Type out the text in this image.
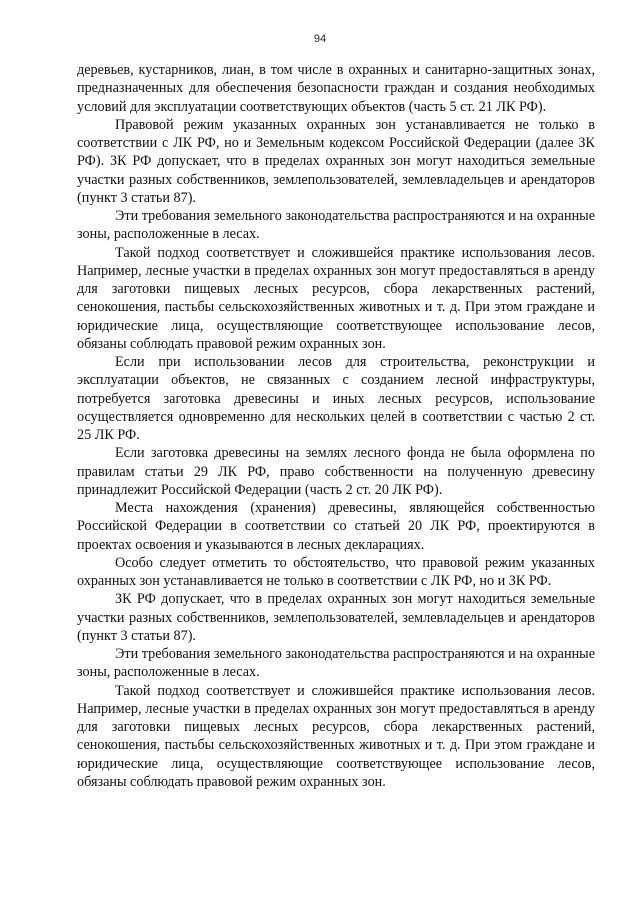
94

деревьев, кустарников, лиан, в том числе в охранных и санитарно-защитных зонах, предназначенных для обеспечения безопасности граждан и создания необходимых условий для эксплуатации соответствующих объектов (часть 5 ст. 21 ЛК РФ).

Правовой режим указанных охранных зон устанавливается не только в соответствии с ЛК РФ, но и Земельным кодексом Российской Федерации (далее ЗК РФ). ЗК РФ допускает, что в пределах охранных зон могут находиться земельные участки разных собственников, землепользователей, землевладельцев и арендаторов (пункт 3 статьи 87).

Эти требования земельного законодательства распространяются и на охранные зоны, расположенные в лесах.

Такой подход соответствует и сложившейся практике использования лесов. Например, лесные участки в пределах охранных зон могут предоставляться в аренду для заготовки пищевых лесных ресурсов, сбора лекарственных растений, сенокошения, пастьбы сельскохозяйственных животных и т. д. При этом граждане и юридические лица, осуществляющие соответствующее использование лесов, обязаны соблюдать правовой режим охранных зон.

Если при использовании лесов для строительства, реконструкции и эксплуатации объектов, не связанных с созданием лесной инфраструктуры, потребуется заготовка древесины и иных лесных ресурсов, использование осуществляется одновременно для нескольких целей в соответствии с частью 2 ст. 25 ЛК РФ.

Если заготовка древесины на землях лесного фонда не была оформлена по правилам статьи 29 ЛК РФ, право собственности на полученную древесину принадлежит Российской Федерации (часть 2 ст. 20 ЛК РФ).

Места нахождения (хранения) древесины, являющейся собственностью Российской Федерации в соответствии со статьей 20 ЛК РФ, проектируются в проектах освоения и указываются в лесных декларациях.

Особо следует отметить то обстоятельство, что правовой режим указанных охранных зон устанавливается не только в соответствии с ЛК РФ, но и ЗК РФ.

ЗК РФ допускает, что в пределах охранных зон могут находиться земельные участки разных собственников, землепользователей, землевладельцев и арендаторов (пункт 3 статьи 87).

Эти требования земельного законодательства распространяются и на охранные зоны, расположенные в лесах.

Такой подход соответствует и сложившейся практике использования лесов. Например, лесные участки в пределах охранных зон могут предоставляться в аренду для заготовки пищевых лесных ресурсов, сбора лекарственных растений, сенокошения, пастьбы сельскохозяйственных животных и т. д. При этом граждане и юридические лица, осуществляющие соответствующее использование лесов, обязаны соблюдать правовой режим охранных зон.
